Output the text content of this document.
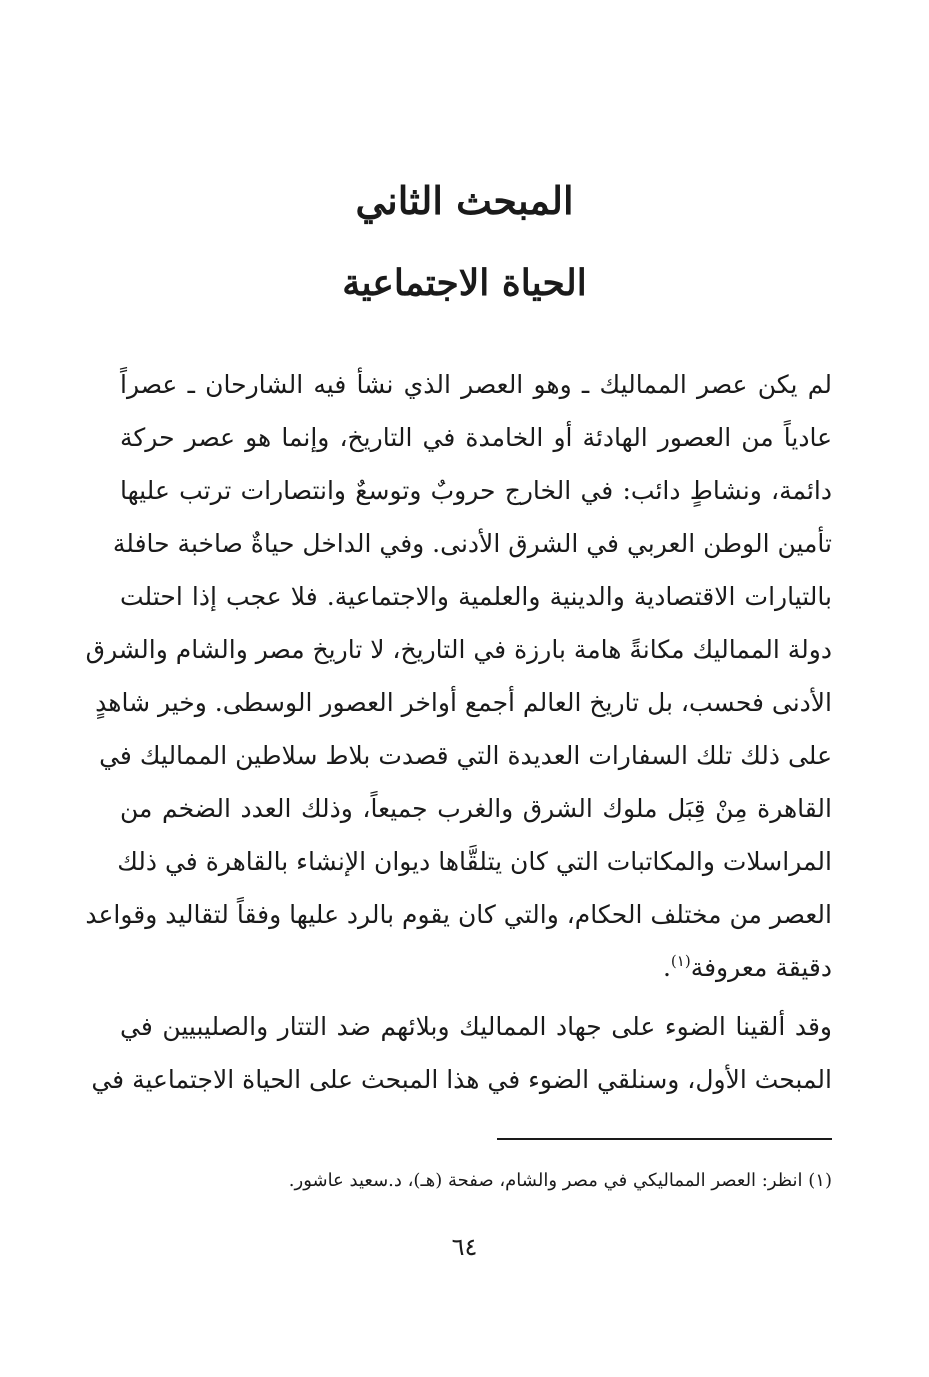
المبحث الثاني
الحياة الاجتماعية
لم يكن عصر المماليك ـ وهو العصر الذي نشأ فيه الشارحان ـ عصراً
عادياً من العصور الهادئة أو الخامدة في التاريخ، وإنما هو عصر حركة
دائمة، ونشاطٍ دائب: في الخارج حروبٌ وتوسعٌ وانتصارات ترتب عليها
تأمين الوطن العربي في الشرق الأدنى. وفي الداخل حياةٌ صاخبة حافلة
بالتيارات الاقتصادية والدينية والعلمية والاجتماعية. فلا عجب إذا احتلت
دولة المماليك مكانةً هامة بارزة في التاريخ، لا تاريخ مصر والشام والشرق
الأدنى فحسب، بل تاريخ العالم أجمع أواخر العصور الوسطى. وخير شاهدٍ
على ذلك تلك السفارات العديدة التي قصدت بلاط سلاطين المماليك في
القاهرة مِنْ قِبَل ملوك الشرق والغرب جميعاً، وذلك العدد الضخم من
المراسلات والمكاتبات التي كان يتلقَّاها ديوان الإنشاء بالقاهرة في ذلك
العصر من مختلف الحكام، والتي كان يقوم بالرد عليها وفقاً لتقاليد وقواعد
دقيقة معروفة$^{(١)}$.
وقد ألقينا الضوء على جهاد المماليك وبلائهم ضد التتار والصليبيين في
المبحث الأول، وسنلقي الضوء في هذا المبحث على الحياة الاجتماعية في

(١) انظر: العصر المماليكي في مصر والشام، صفحة (هـ)، د.سعيد عاشور.

٦٤
